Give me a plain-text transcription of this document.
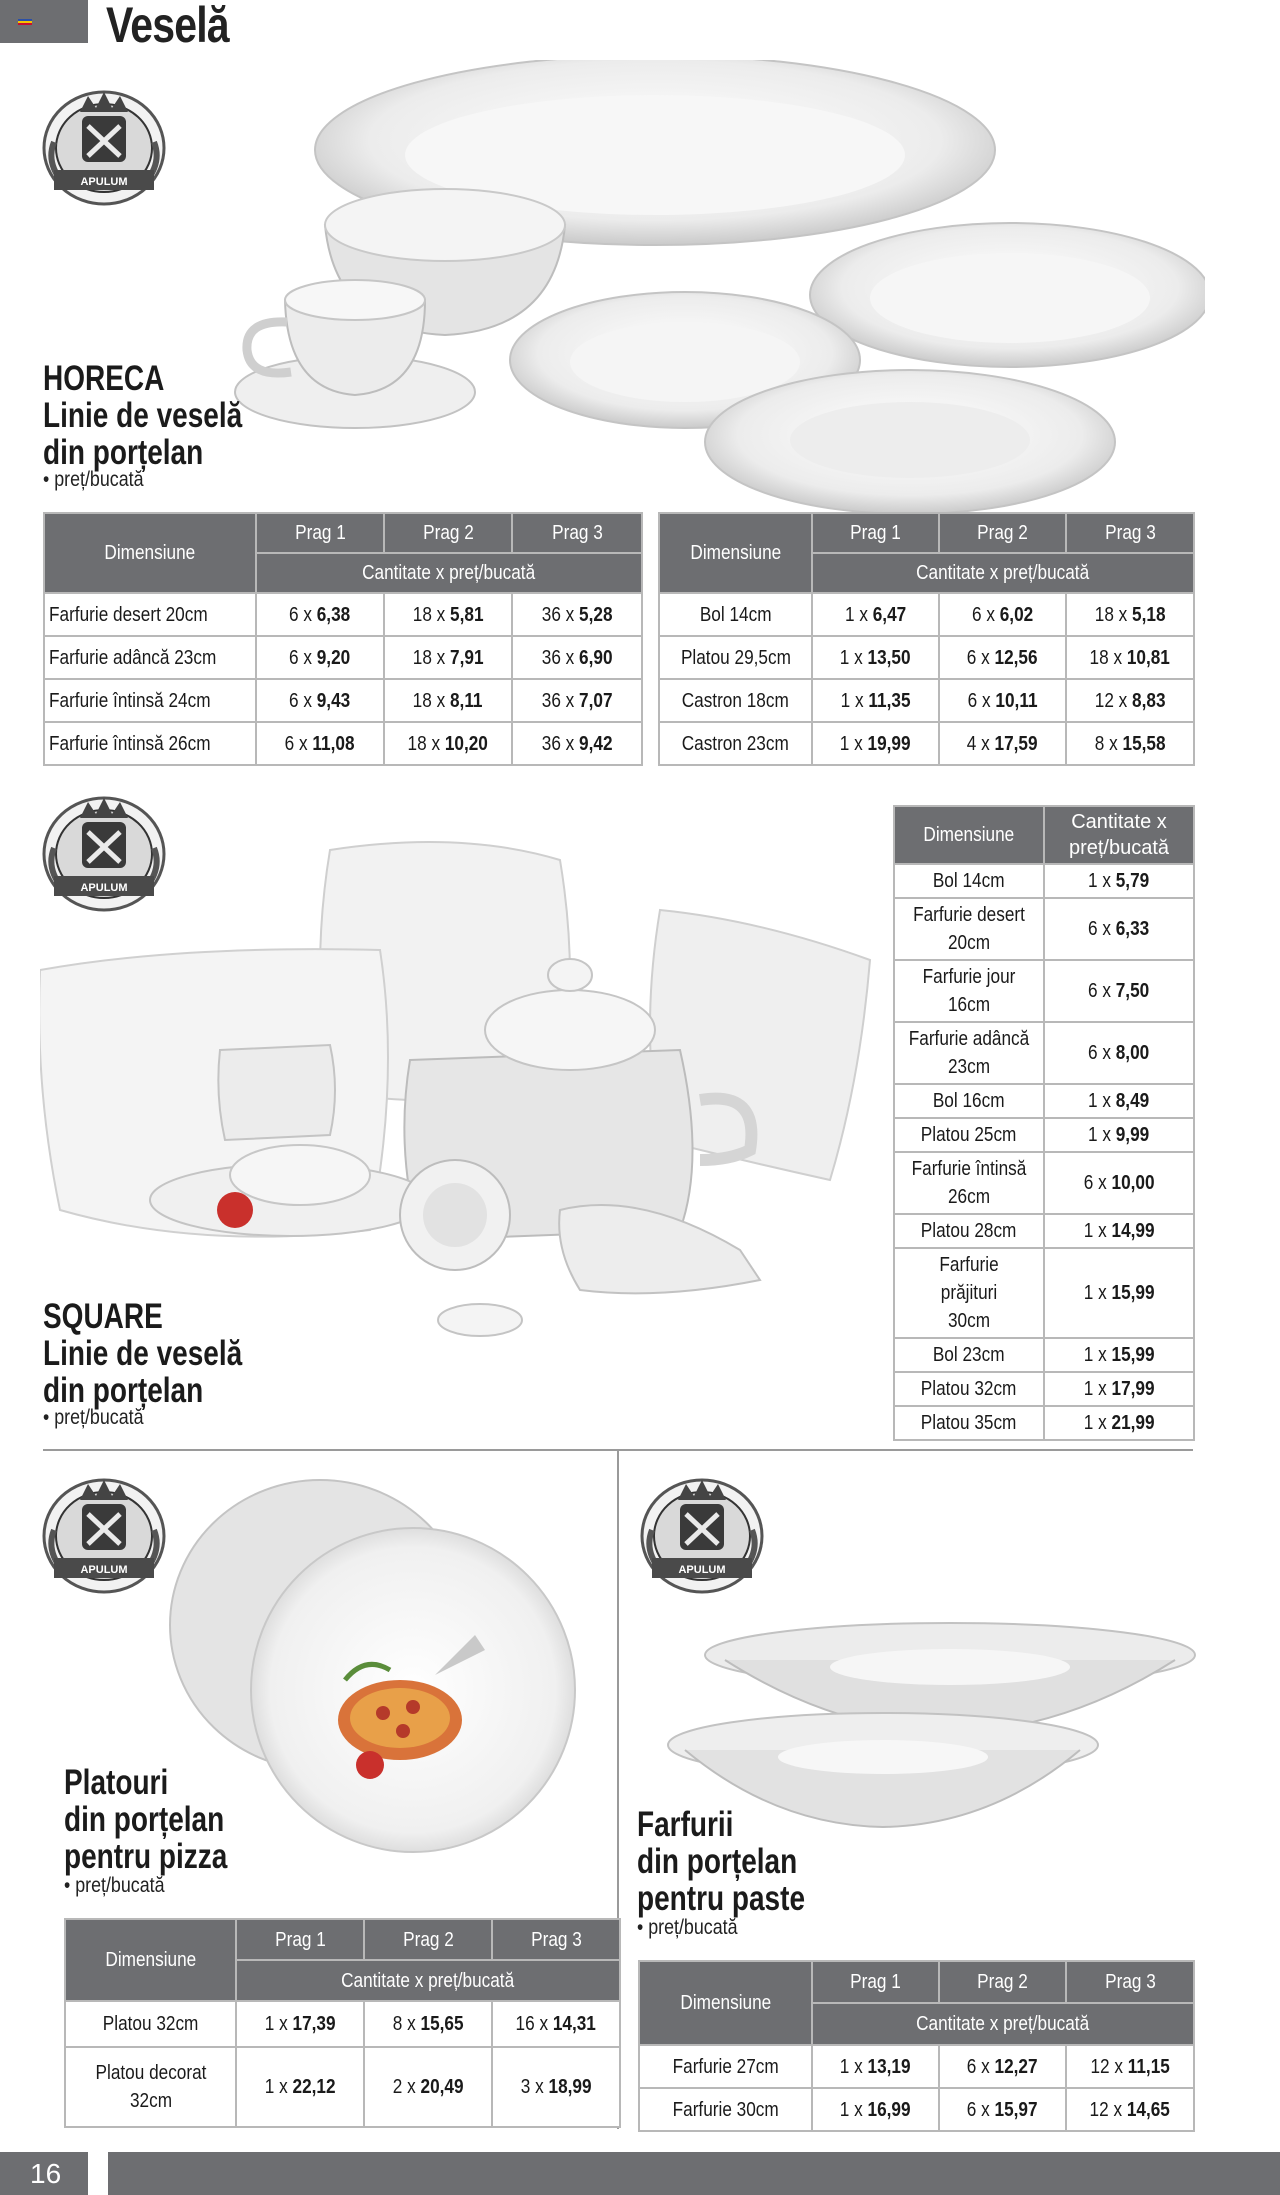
Veselă
APULUM
HORECA
Linie de veselă
din porțelan
• preț/bucată
Dimensiune	Prag 1	Prag 2	Prag 3
	Cantitate x preț/bucată		
Farfurie desert 20cm	6 x 6,38	18 x 5,81	36 x 5,28
Farfurie adâncă 23cm	6 x 9,20	18 x 7,91	36 x 6,90
Farfurie întinsă 24cm	6 x 9,43	18 x 8,11	36 x 7,07
Farfurie întinsă 26cm	6 x 11,08	18 x 10,20	36 x 9,42
Dimensiune	Prag 1	Prag 2	Prag 3
	Cantitate x preț/bucată		
Bol 14cm	1 x 6,47	6 x 6,02	18 x 5,18
Platou 29,5cm	1 x 13,50	6 x 12,56	18 x 10,81
Castron 18cm	1 x 11,35	6 x 10,11	12 x 8,83
Castron 23cm	1 x 19,99	4 x 17,59	8 x 15,58
APULUM
SQUARE
Linie de veselă
din porțelan
• preț/bucată
Dimensiune	Cantitate x preț/bucată
Bol 14cm	1 x 5,79
Farfurie desert 20cm	6 x 6,33
Farfurie jour 16cm	6 x 7,50
Farfurie adâncă 23cm	6 x 8,00
Bol 16cm	1 x 8,49
Platou 25cm	1 x 9,99
Farfurie întinsă 26cm	6 x 10,00
Platou 28cm	1 x 14,99
Farfurie prăjituri 30cm	1 x 15,99
Bol 23cm	1 x 15,99
Platou 32cm	1 x 17,99
Platou 35cm	1 x 21,99
APULUM
Platouri
din porțelan
pentru pizza
• preț/bucată
Dimensiune	Prag 1	Prag 2	Prag 3
	Cantitate x preț/bucată		
Platou 32cm	1 x 17,39	8 x 15,65	16 x 14,31
Platou decorat 32cm	1 x 22,12	2 x 20,49	3 x 18,99
APULUM
Farfurii
din porțelan
pentru paste
• preț/bucată
Dimensiune	Prag 1	Prag 2	Prag 3
	Cantitate x preț/bucată		
Farfurie 27cm	1 x 13,19	6 x 12,27	12 x 11,15
Farfurie 30cm	1 x 16,99	6 x 15,97	12 x 14,65
16
